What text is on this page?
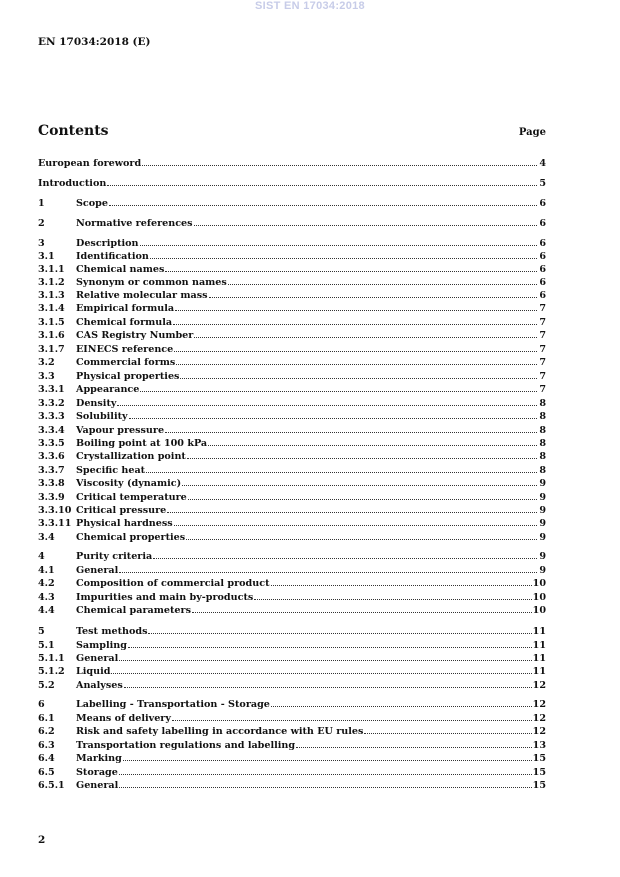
SIST EN 17034:2018
EN 17034:2018 (E)
Contents	Page
European foreword	4
Introduction	5
1	Scope	6
2	Normative references	6
3	Description	6
3.1	Identification	6
3.1.1	Chemical names	6
3.1.2	Synonym or common names	6
3.1.3	Relative molecular mass	6
3.1.4	Empirical formula	7
3.1.5	Chemical formula	7
3.1.6	CAS Registry Number	7
3.1.7	EINECS reference	7
3.2	Commercial forms	7
3.3	Physical properties	7
3.3.1	Appearance	7
3.3.2	Density	8
3.3.3	Solubility	8
3.3.4	Vapour pressure	8
3.3.5	Boiling point at 100 kPa	8
3.3.6	Crystallization point	8
3.3.7	Specific heat	8
3.3.8	Viscosity (dynamic)	9
3.3.9	Critical temperature	9
3.3.10 Critical pressure	9
3.3.11 Physical hardness	9
3.4	Chemical properties	9
4	Purity criteria	9
4.1	General	9
4.2	Composition of commercial product	10
4.3	Impurities and main by-products	10
4.4	Chemical parameters	10
5	Test methods	11
5.1	Sampling	11
5.1.1	General	11
5.1.2	Liquid	11
5.2	Analyses	12
6	Labelling - Transportation - Storage	12
6.1	Means of delivery	12
6.2	Risk and safety labelling in accordance with EU rules	12
6.3	Transportation regulations and labelling	13
6.4	Marking	15
6.5	Storage	15
6.5.1	General	15
2
